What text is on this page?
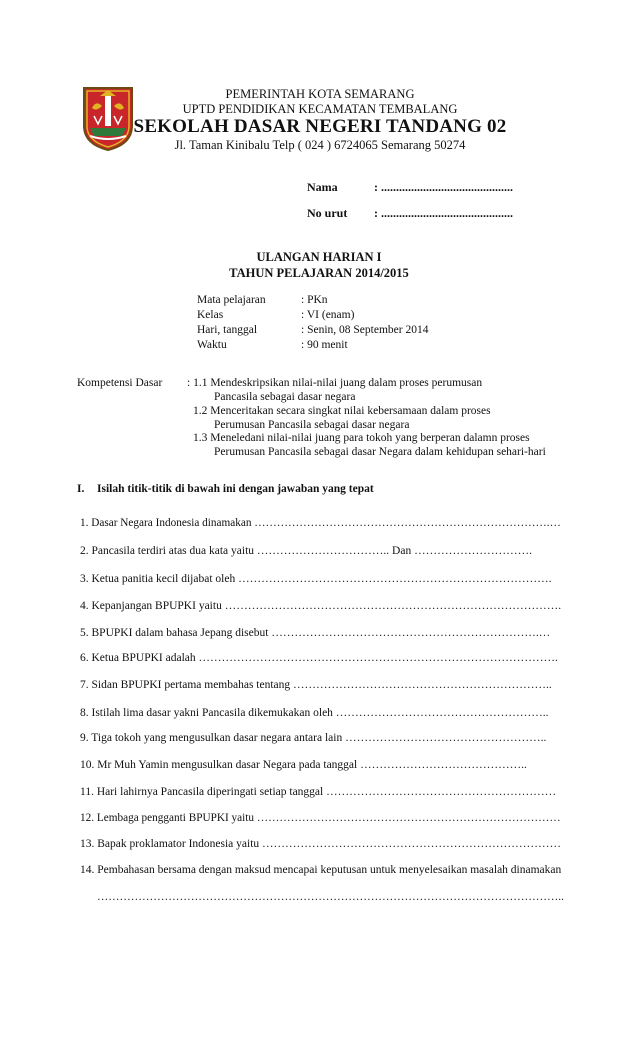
PEMERINTAH KOTA SEMARANG
UPTD PENDIDIKAN KECAMATAN TEMBALANG
SEKOLAH DASAR NEGERI TANDANG 02
Jl. Taman Kinibalu Telp ( 024 ) 6724065 Semarang 50274
Nama	: ............................................
No urut : ............................................
ULANGAN HARIAN I
TAHUN PELAJARAN 2014/2015
Mata pelajaran	: PKn
Kelas	: VI (enam)
Hari, tanggal	: Senin, 08 September 2014
Waktu	: 90 menit
Kompetensi Dasar : 1.1 Mendeskripsikan nilai-nilai juang dalam proses perumusan
Pancasila sebagai dasar negara
1.2 Menceritakan secara singkat nilai kebersamaan dalam proses
Perumusan Pancasila sebagai dasar negara
1.3 Meneledani nilai-nilai juang para tokoh yang berperan dalamn proses
Perumusan Pancasila sebagai dasar Negara dalam kehidupan sehari-hari
I. Isilah titik-titik di bawah ini dengan jawaban yang tepat
1. Dasar Negara Indonesia dinamakan …………………………………………………………………….…
2. Pancasila terdiri atas dua kata yaitu …………………………….. Dan ………………………….
3. Ketua panitia kecil dijabat oleh ……………………………………………………………………….
4. Kepanjangan BPUPKI yaitu …………………………………………………………………………….
5. BPUPKI dalam bahasa Jepang disebut …………………………………………………………….…
6. Ketua BPUPKI adalah ………………………………………………………………………………….
7. Sidan BPUPKI pertama membahas tentang …………………………………………………………..
8. Istilah lima dasar yakni Pancasila dikemukakan oleh ………………………………………………..
9. Tiga tokoh yang mengusulkan dasar negara antara lain ……………………………………………..
10. Mr Muh Yamin mengusulkan dasar Negara pada tanggal ……………………………………..
11. Hari lahirnya Pancasila diperingati setiap tanggal ……………………………………………………
12. Lembaga pengganti BPUPKI yaitu ………………………………………………………………………
13. Bapak proklamator Indonesia yaitu ……………………………………………………………………
14. Pembahasan bersama dengan maksud mencapai keputusan untuk menyelesaikan masalah dinamakan
……………………………………………………………………………………………………………..
